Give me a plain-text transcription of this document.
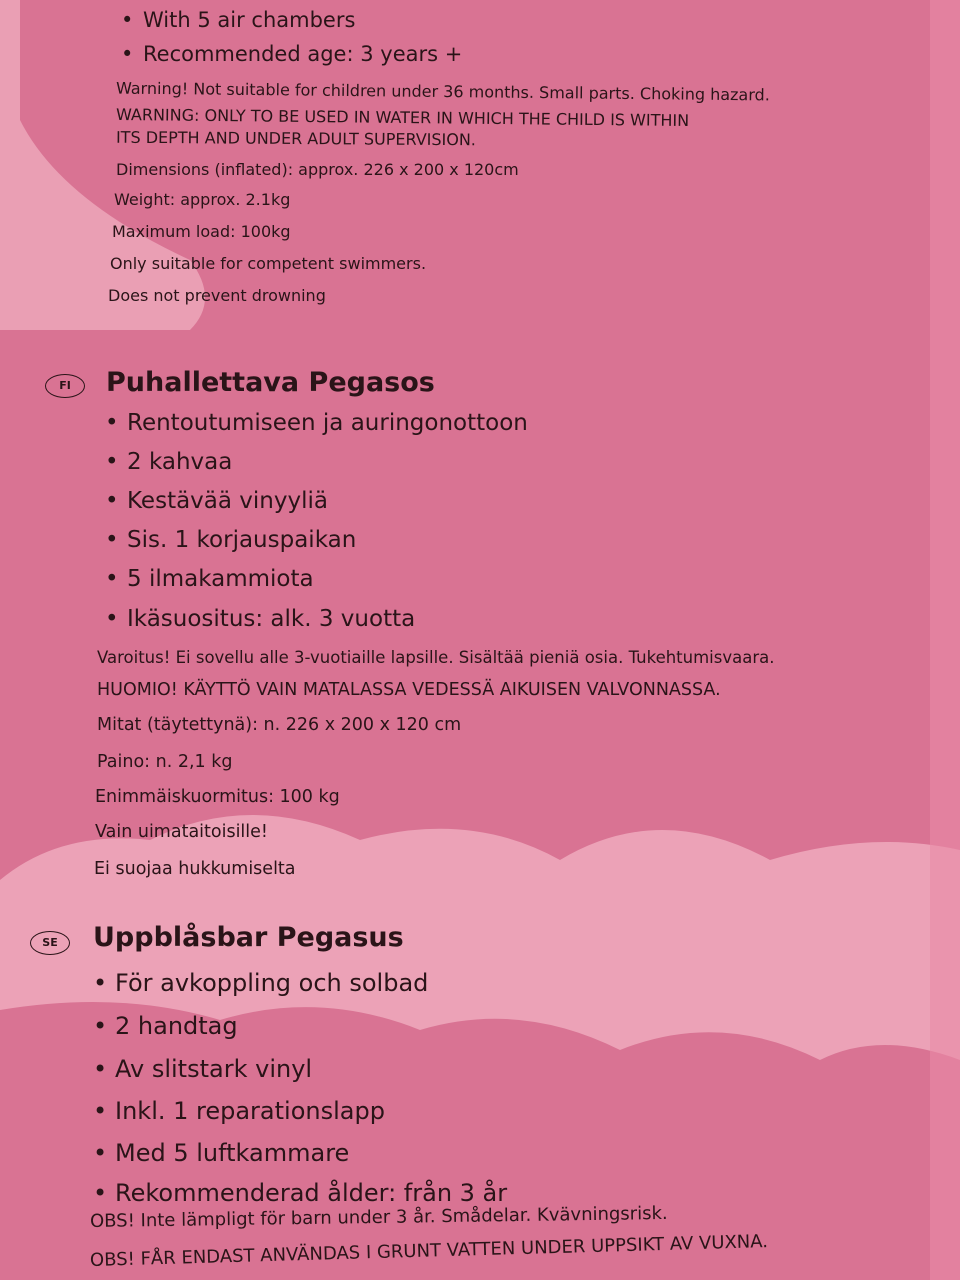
• With 5 air chambers
• Recommended age: 3 years +
Warning! Not suitable for children under 36 months. Small parts. Choking hazard.
WARNING: ONLY TO BE USED IN WATER IN WHICH THE CHILD IS WITHIN
ITS DEPTH AND UNDER ADULT SUPERVISION.
Dimensions (inflated): approx. 226 x 200 x 120cm
Weight: approx. 2.1kg
Maximum load: 100kg
Only suitable for competent swimmers.
Does not prevent drowning
FI	Puhallettava Pegasos
• Rentoutumiseen ja auringonottoon
• 2 kahvaa
• Kestävää vinyyliä
• Sis. 1 korjauspaikan
• 5 ilmakammiota
• Ikäsuositus: alk. 3 vuotta
Varoitus! Ei sovellu alle 3-vuotiaille lapsille. Sisältää pieniä osia. Tukehtumisvaara.
HUOMIO! KÄYTTÖ VAIN MATALASSA VEDESSÄ AIKUISEN VALVONNASSA.
Mitat (täytettynä): n. 226 x 200 x 120 cm
Paino: n. 2,1 kg
Enimmäiskuormitus: 100 kg
Vain uimataitoisille!
Ei suojaa hukkumiselta
SE	Uppblåsbar Pegasus
• För avkoppling och solbad
• 2 handtag
• Av slitstark vinyl
• Inkl. 1 reparationslapp
• Med 5 luftkammare
• Rekommenderad ålder: från 3 år
OBS! Inte lämpligt för barn under 3 år. Smådelar. Kvävningsrisk.
OBS! FÅR ENDAST ANVÄNDAS I GRUNT VATTEN UNDER UPPSIKT AV VUXNA.
